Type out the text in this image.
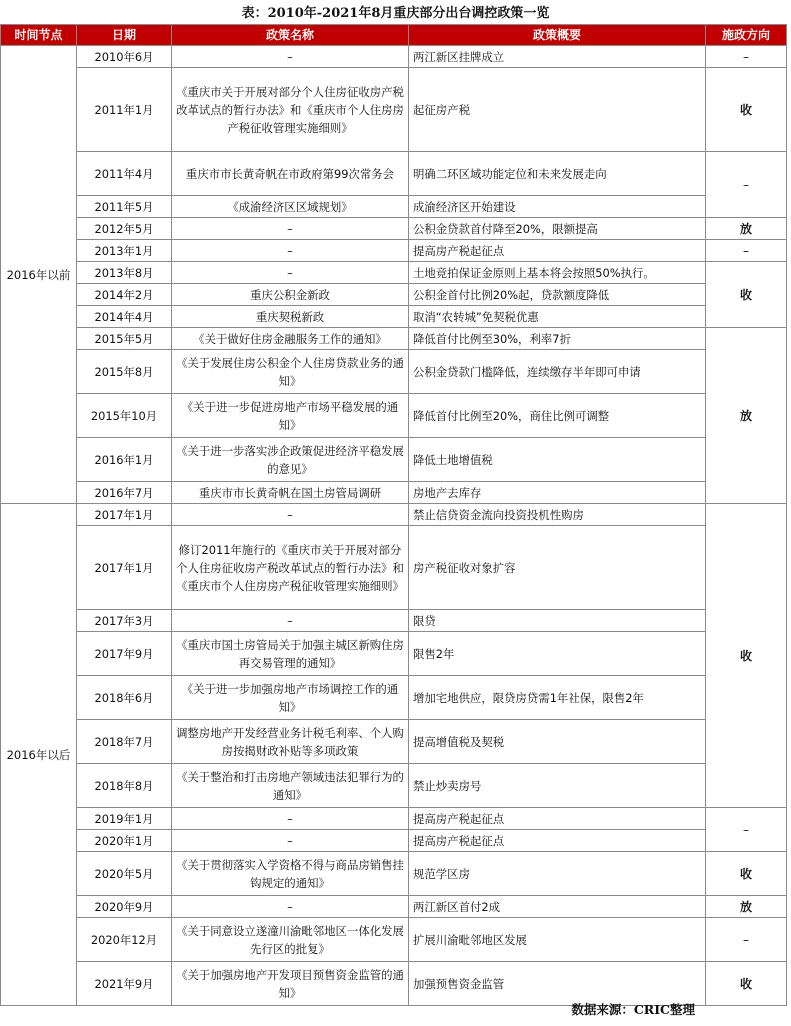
表：2010年-2021年8月重庆部分出台调控政策一览
时间节点	日期	政策名称	政策概要	施政方向
2016年以前	2010年6月	–	两江新区挂牌成立	–
	2011年1月	《重庆市关于开展对部分个人住房征收房产税改革试点的暂行办法》和《重庆市个人住房房产税征收管理实施细则》	起征房产税	收
	2011年4月	重庆市市长黄奇帆在市政府第99次常务会	明确二环区域功能定位和未来发展走向	–
	2011年5月	《成渝经济区区域规划》	成渝经济区开始建设	
	2012年5月	–	公积金贷款首付降至20%，限额提高	放
	2013年1月	–	提高房产税起征点	–
	2013年8月	–	土地竞拍保证金原则上基本将会按照50%执行。	收
	2014年2月	重庆公积金新政	公积金首付比例20%起，贷款额度降低	
	2014年4月	重庆契税新政	取消“农转城”免契税优惠	
	2015年5月	《关于做好住房金融服务工作的通知》	降低首付比例至30%，利率7折	放
	2015年8月	《关于发展住房公积金个人住房贷款业务的通知》	公积金贷款门槛降低，连续缴存半年即可申请	
	2015年10月	《关于进一步促进房地产市场平稳发展的通知》	降低首付比例至20%，商住比例可调整	
	2016年1月	《关于进一步落实涉企政策促进经济平稳发展的意见》	降低土地增值税	
	2016年7月	重庆市市长黄奇帆在国土房管局调研	房地产去库存	
2016年以后	2017年1月	–	禁止信贷资金流向投资投机性购房	收
	2017年1月	修订2011年施行的《重庆市关于开展对部分个人住房征收房产税改革试点的暂行办法》和《重庆市个人住房房产税征收管理实施细则》	房产税征收对象扩容	
	2017年3月	–	限贷	
	2017年9月	《重庆市国土房管局关于加强主城区新购住房再交易管理的通知》	限售2年	
	2018年6月	《关于进一步加强房地产市场调控工作的通知》	增加宅地供应，限贷房贷需1年社保，限售2年	
	2018年7月	调整房地产开发经营业务计税毛利率、个人购房按揭财政补贴等多项政策	提高增值税及契税	
	2018年8月	《关于整治和打击房地产领域违法犯罪行为的通知》	禁止炒卖房号	
	2019年1月	–	提高房产税起征点	–
	2020年1月	–	提高房产税起征点	
	2020年5月	《关于贯彻落实入学资格不得与商品房销售挂钩规定的通知》	规范学区房	收
	2020年9月	–	两江新区首付2成	放
	2020年12月	《关于同意设立遂潼川渝毗邻地区一体化发展先行区的批复》	扩展川渝毗邻地区发展	–
	2021年9月	《关于加强房地产开发项目预售资金监管的通知》	加强预售资金监管	收
数据来源：CRIC整理
